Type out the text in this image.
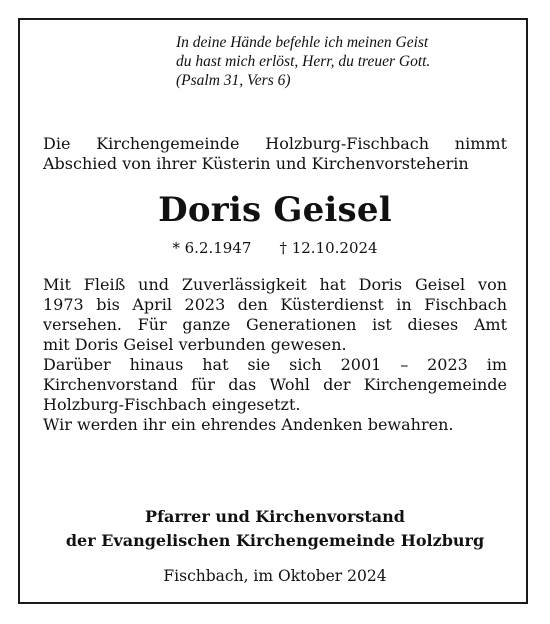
In deine Hände befehle ich meinen Geist
du hast mich erlöst, Herr, du treuer Gott.
(Psalm 31, Vers 6)
Die Kirchengemeinde Holzburg-Fischbach nimmt
Abschied von ihrer Küsterin und Kirchenvorsteherin
Doris Geisel
* 6.2.1947 † 12.10.2024
Mit Fleiß und Zuverlässigkeit hat Doris Geisel von
1973 bis April 2023 den Küsterdienst in Fischbach
versehen. Für ganze Generationen ist dieses Amt
mit Doris Geisel verbunden gewesen.
Darüber hinaus hat sie sich 2001 – 2023 im
Kirchenvorstand für das Wohl der Kirchengemeinde
Holzburg-Fischbach eingesetzt.
Wir werden ihr ein ehrendes Andenken bewahren.
Pfarrer und Kirchenvorstand
der Evangelischen Kirchengemeinde Holzburg
Fischbach, im Oktober 2024
